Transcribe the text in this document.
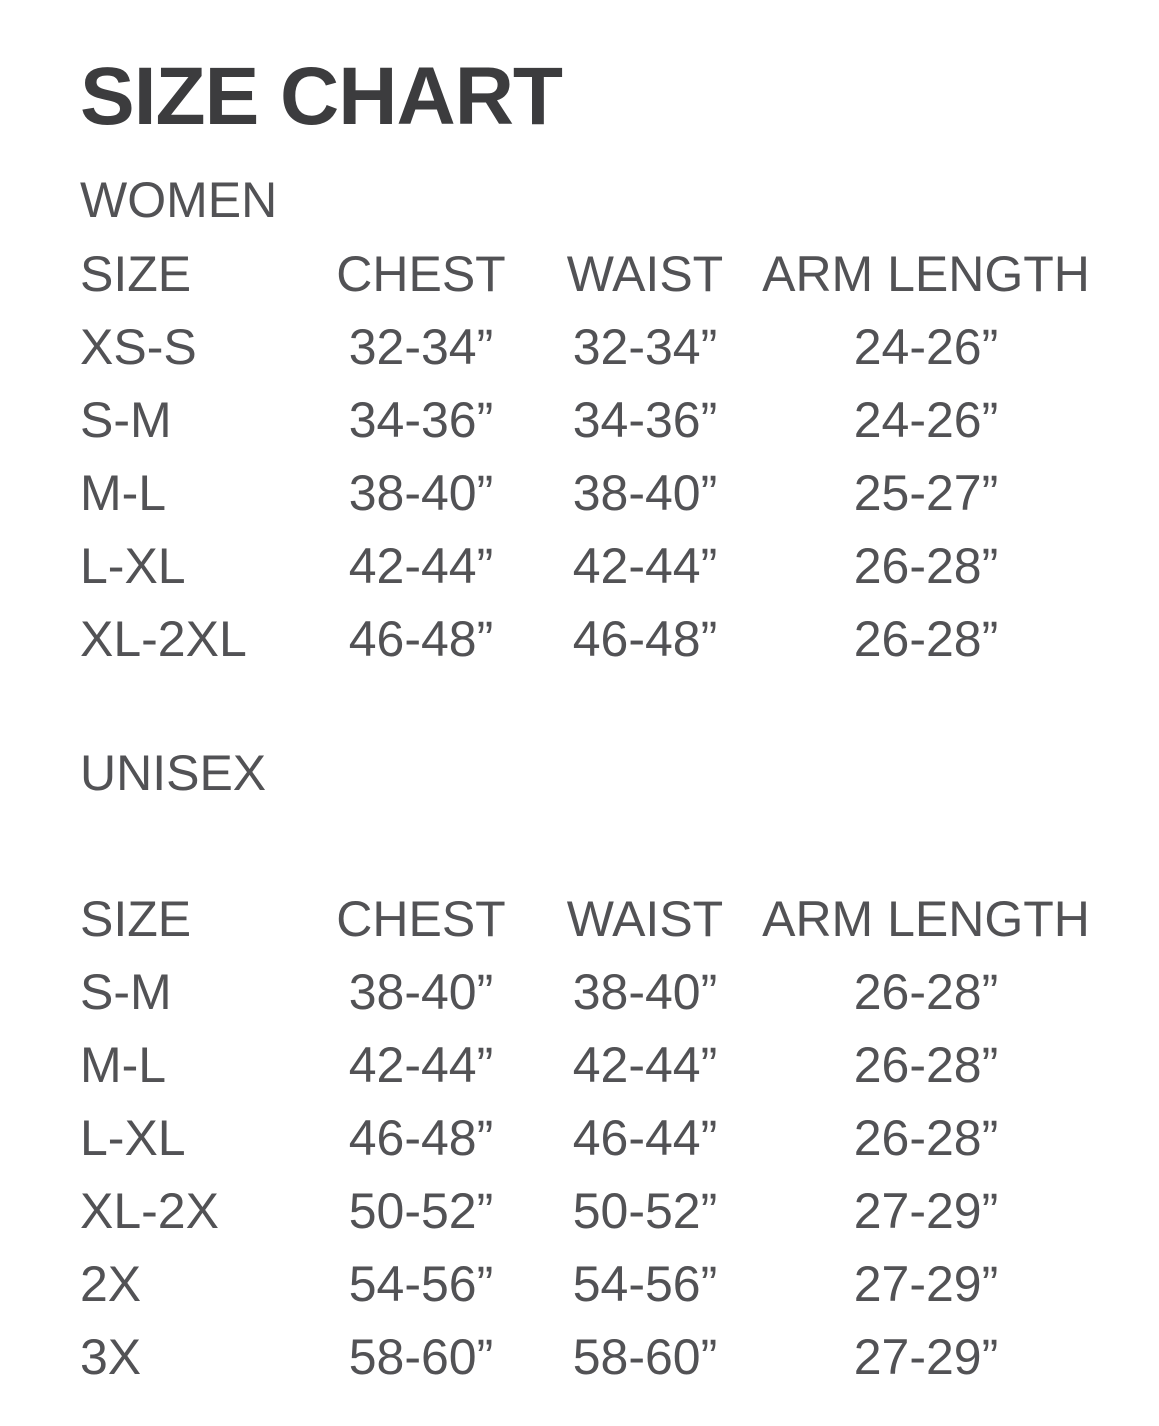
SIZE CHART
WOMEN
SIZE	CHEST	WAIST	ARM LENGTH
XS-S	32-34”	32-34”	24-26”
S-M	34-36”	34-36”	24-26”
M-L	38-40”	38-40”	25-27”
L-XL	42-44”	42-44”	26-28”
XL-2XL	46-48”	46-48”	26-28”
UNISEX
SIZE	CHEST	WAIST	ARM LENGTH
S-M	38-40”	38-40”	26-28”
M-L	42-44”	42-44”	26-28”
L-XL	46-48”	46-44”	26-28”
XL-2X	50-52”	50-52”	27-29”
2X	54-56”	54-56”	27-29”
3X	58-60”	58-60”	27-29”
